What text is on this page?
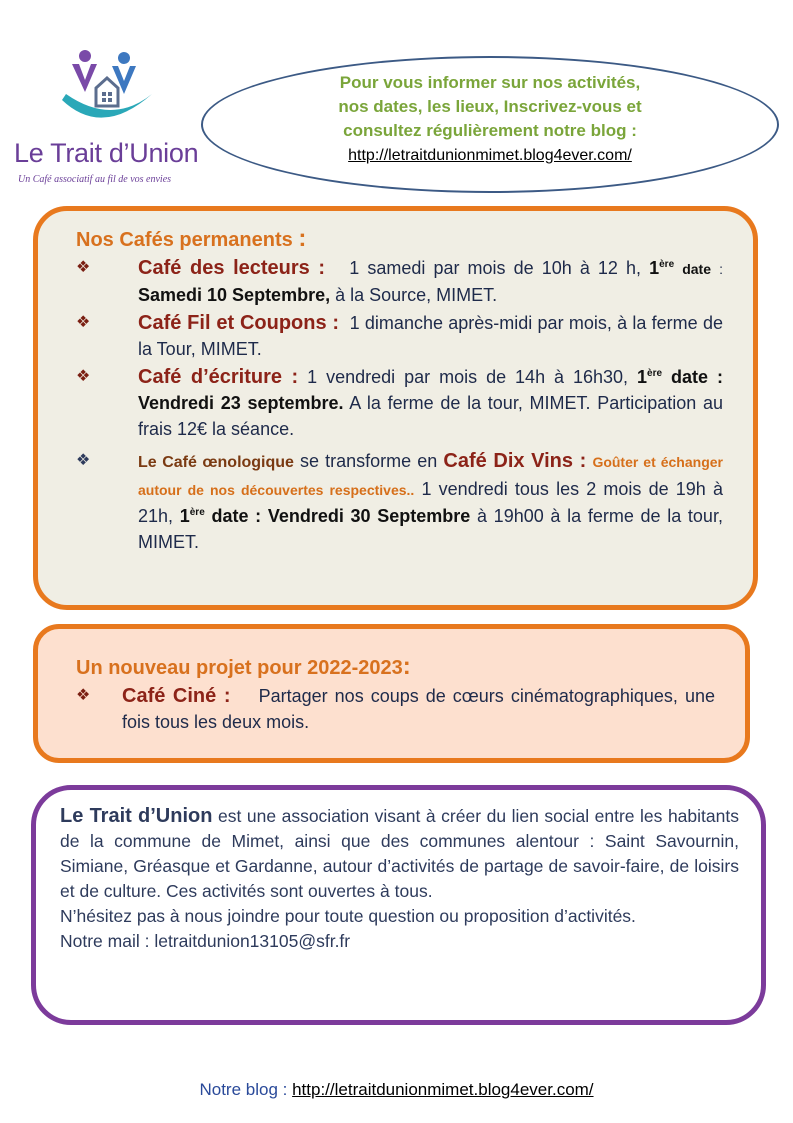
Le Trait d’Union
Un Café associatif au fil de vos envies
Pour vous informer sur nos activités,
nos dates, les lieux, Inscrivez-vous et
consultez régulièrement notre blog :
http://letraitdunionmimet.blog4ever.com/
Nos Cafés permanents :
❖	Café des lecteurs : 1 samedi par mois de 10h à 12 h, 1ère date : Samedi 10 Septembre, à la Source, MIMET.
❖	Café Fil et Coupons : 1 dimanche après-midi par mois, à la ferme de la Tour, MIMET.
❖	Café d’écriture : 1 vendredi par mois de 14h à 16h30, 1ère date : Vendredi 23 septembre. A la ferme de la tour, MIMET. Participation au frais 12€ la séance.
❖	Le Café œnologique se transforme en Café Dix Vins : Goûter et échanger autour de nos découvertes respectives.. 1 vendredi tous les 2 mois de 19h à 21h, 1ère date : Vendredi 30 Septembre à 19h00 à la ferme de la tour, MIMET.
Un nouveau projet pour 2022-2023:
❖	Café Ciné : Partager nos coups de cœurs cinématographiques, une fois tous les deux mois.
Le Trait d’Union est une association visant à créer du lien social entre les habitants de la commune de Mimet, ainsi que des communes alentour : Saint Savournin, Simiane, Gréasque et Gardanne, autour d’activités de partage de savoir-faire, de loisirs et de culture. Ces activités sont ouvertes à tous.
N’hésitez pas à nous joindre pour toute question ou proposition d’activités.
Notre mail : letraitdunion13105@sfr.fr
Notre blog : http://letraitdunionmimet.blog4ever.com/
